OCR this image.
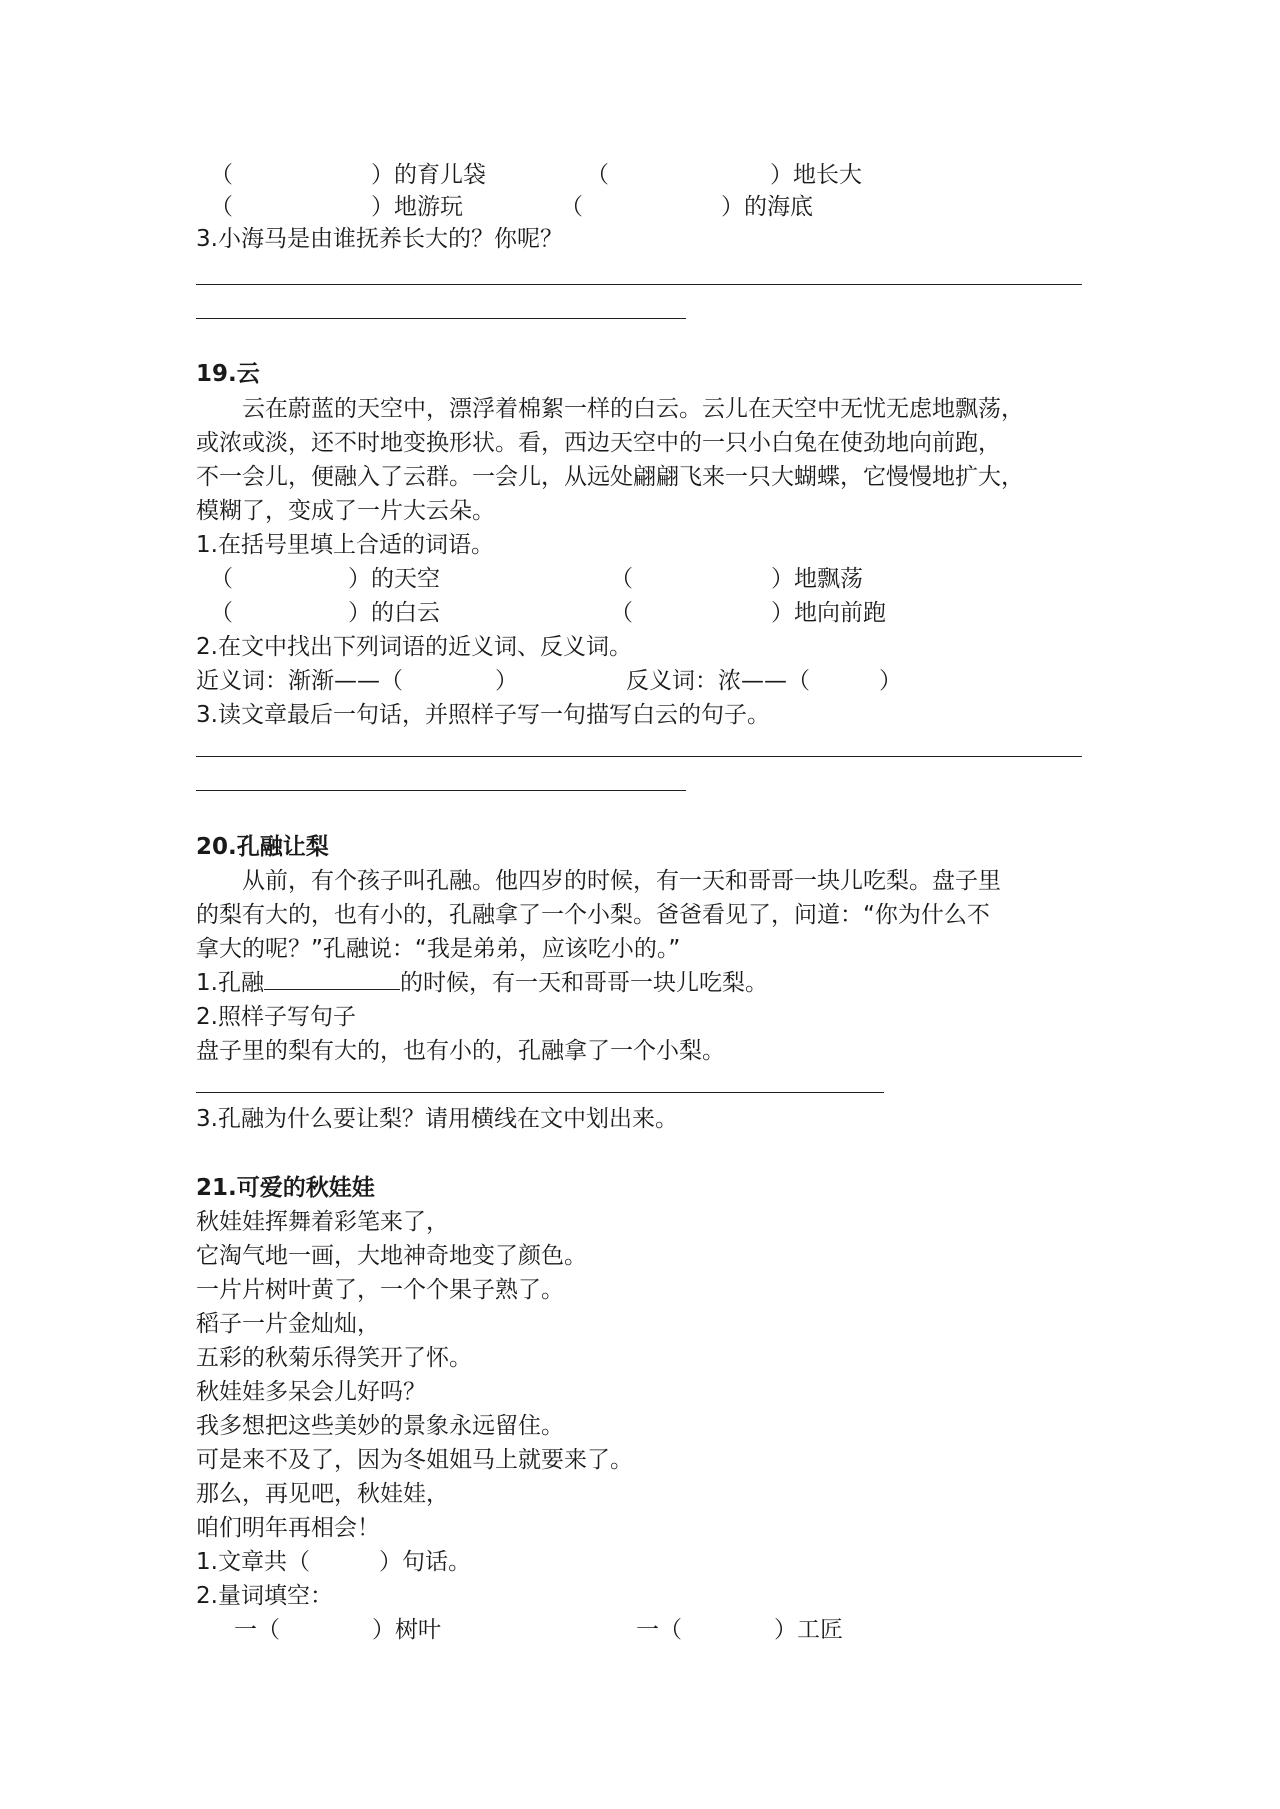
（　　　　　　）的育儿袋	（　　　　　　　）地长大
（　　　　　　）地游玩	（　　　　　　）的海底
3.小海马是由谁抚养长大的？你呢？
19.云
　　云在蔚蓝的天空中，漂浮着棉絮一样的白云。云儿在天空中无忧无虑地飘荡，
或浓或淡，还不时地变换形状。看，西边天空中的一只小白兔在使劲地向前跑，
不一会儿，便融入了云群。一会儿，从远处翩翩飞来一只大蝴蝶，它慢慢地扩大，
模糊了，变成了一片大云朵。
1.在括号里填上合适的词语。
（　　　　　）的天空	（　　　　　　）地飘荡
（　　　　　）的白云	（　　　　　　）地向前跑
2.在文中找出下列词语的近义词、反义词。
近义词：渐渐——（　　　　）	反义词：浓——（　　　）
3.读文章最后一句话，并照样子写一句描写白云的句子。
20.孔融让梨
　　从前，有个孩子叫孔融。他四岁的时候，有一天和哥哥一块儿吃梨。盘子里
的梨有大的，也有小的，孔融拿了一个小梨。爸爸看见了，问道：“你为什么不
拿大的呢？”孔融说：“我是弟弟，应该吃小的。”
1.孔融	的时候，有一天和哥哥一块儿吃梨。
2.照样子写句子
盘子里的梨有大的，也有小的，孔融拿了一个小梨。
3.孔融为什么要让梨？请用横线在文中划出来。
21.可爱的秋娃娃
秋娃娃挥舞着彩笔来了，
它淘气地一画，大地神奇地变了颜色。
一片片树叶黄了，一个个果子熟了。
稻子一片金灿灿，
五彩的秋菊乐得笑开了怀。
秋娃娃多呆会儿好吗？
我多想把这些美妙的景象永远留住。
可是来不及了，因为冬姐姐马上就要来了。
那么，再见吧，秋娃娃，
咱们明年再相会！
1.文章共（　　　）句话。
2.量词填空：
一（　　　　）树叶	一（　　　　）工匠
